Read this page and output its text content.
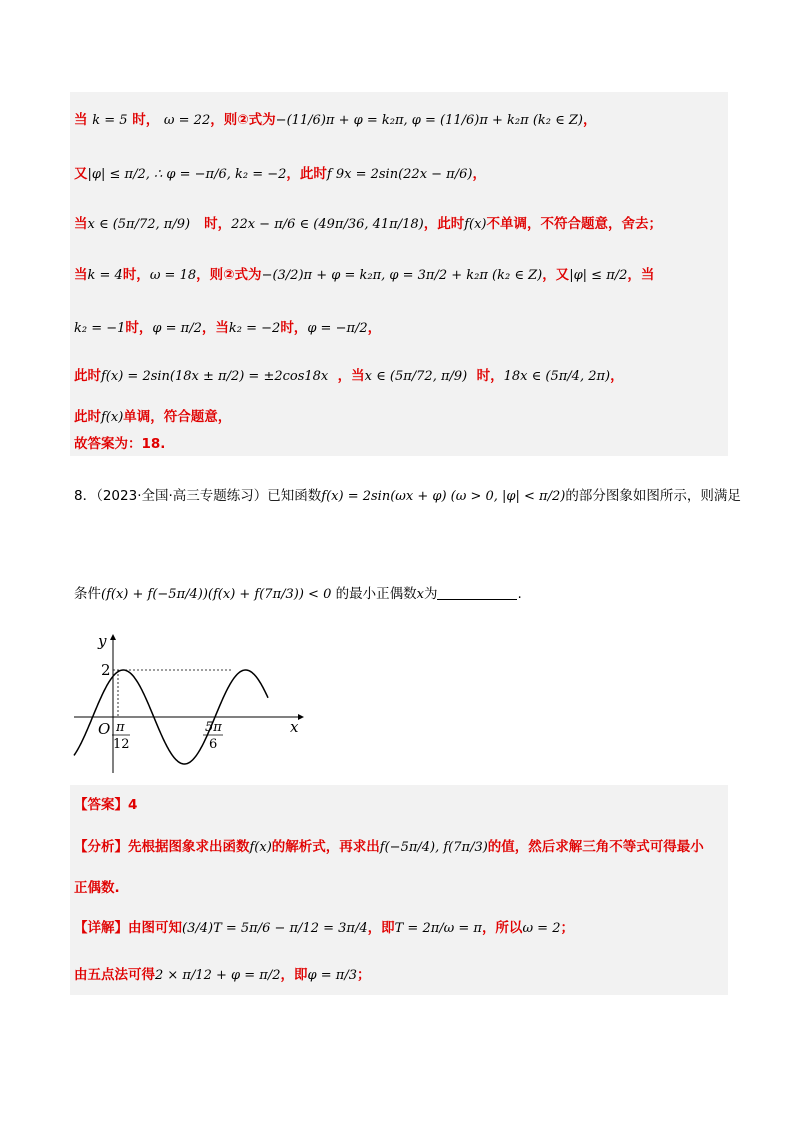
当 k = 5 时， ω = 22，则②式为−(11/6)π + φ = k₂π, φ = (11/6)π + k₂π (k₂ ∈ Z)，
又|φ| ≤ π/2, ∴ φ = −π/6, k₂ = −2，此时f 9x = 2sin(22x − π/6)，
当x ∈ (5π/72, π/9) 时，22x − π/6 ∈ (49π/36, 41π/18)，此时f(x)不单调，不符合题意，舍去；
当k = 4时，ω = 18，则②式为−(3/2)π + φ = k₂π, φ = 3π/2 + k₂π (k₂ ∈ Z)，又|φ| ≤ π/2，当
k₂ = −1时，φ = π/2，当k₂ = −2时，φ = −π/2，
此时f(x) = 2sin(18x ± π/2) = ±2cos18x ，当x ∈ (5π/72, π/9) 时，18x ∈ (5π/4, 2π)，
此时f(x)单调，符合题意，
故答案为：18.
8．（2023·全国·高三专题练习）已知函数f(x) = 2sin(ωx + φ) (ω > 0, |φ| < π/2)的部分图象如图所示，则满足
条件(f(x) + f(−5π/4))(f(x) + f(7π/3)) < 0 的最小正偶数x为	.
y
x
O
2
π
12
5π
6
【答案】4
【分析】先根据图象求出函数f(x)的解析式，再求出f(−5π/4), f(7π/3)的值，然后求解三角不等式可得最小
正偶数.
【详解】由图可知(3/4)T = 5π/6 − π/12 = 3π/4，即T = 2π/ω = π，所以ω = 2；
由五点法可得2 × π/12 + φ = π/2，即φ = π/3；
